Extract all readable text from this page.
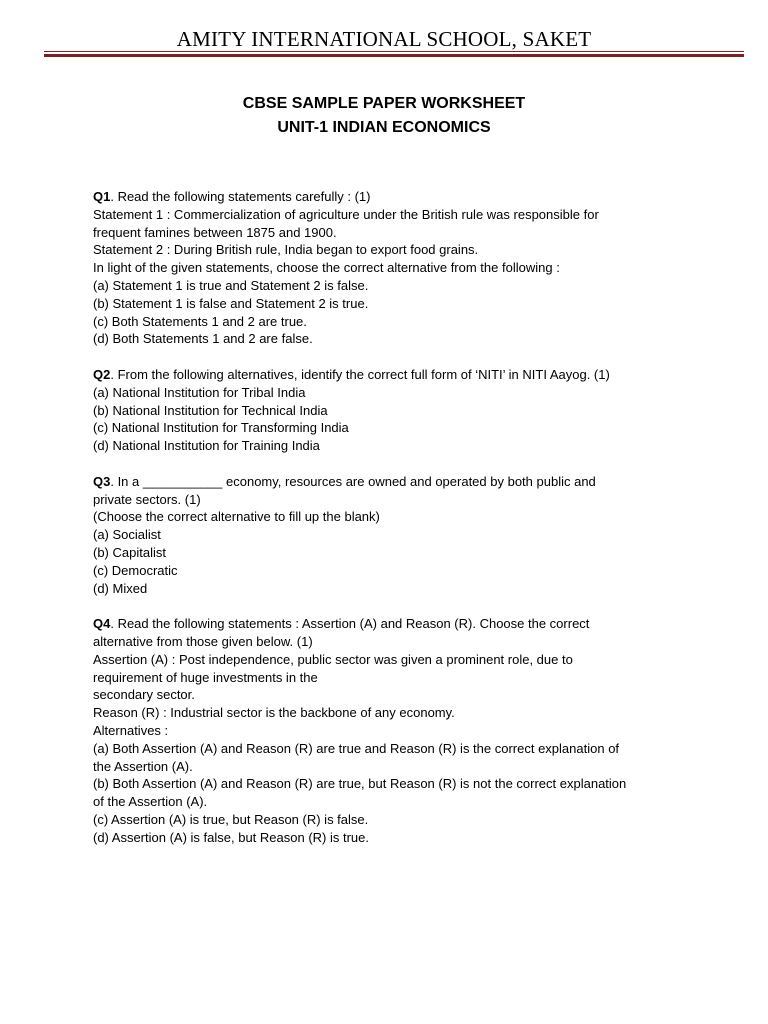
AMITY INTERNATIONAL SCHOOL, SAKET
CBSE SAMPLE PAPER WORKSHEET
UNIT-1 INDIAN ECONOMICS
Q1. Read the following statements carefully : (1)
Statement 1 : Commercialization of agriculture under the British rule was responsible for
frequent famines between 1875 and 1900.
Statement 2 : During British rule, India began to export food grains.
In light of the given statements, choose the correct alternative from the following :
(a) Statement 1 is true and Statement 2 is false.
(b) Statement 1 is false and Statement 2 is true.
(c) Both Statements 1 and 2 are true.
(d) Both Statements 1 and 2 are false.
Q2. From the following alternatives, identify the correct full form of ‘NITI’ in NITI Aayog. (1)
(a) National Institution for Tribal India
(b) National Institution for Technical India
(c) National Institution for Transforming India
(d) National Institution for Training India
Q3. In a ___________ economy, resources are owned and operated by both public and
private sectors. (1)
(Choose the correct alternative to fill up the blank)
(a) Socialist
(b) Capitalist
(c) Democratic
(d) Mixed
Q4. Read the following statements : Assertion (A) and Reason (R). Choose the correct
alternative from those given below. (1)
Assertion (A) : Post independence, public sector was given a prominent role, due to
requirement of huge investments in the
secondary sector.
Reason (R) : Industrial sector is the backbone of any economy.
Alternatives :
(a) Both Assertion (A) and Reason (R) are true and Reason (R) is the correct explanation of
the Assertion (A).
(b) Both Assertion (A) and Reason (R) are true, but Reason (R) is not the correct explanation
of the Assertion (A).
(c) Assertion (A) is true, but Reason (R) is false.
(d) Assertion (A) is false, but Reason (R) is true.
